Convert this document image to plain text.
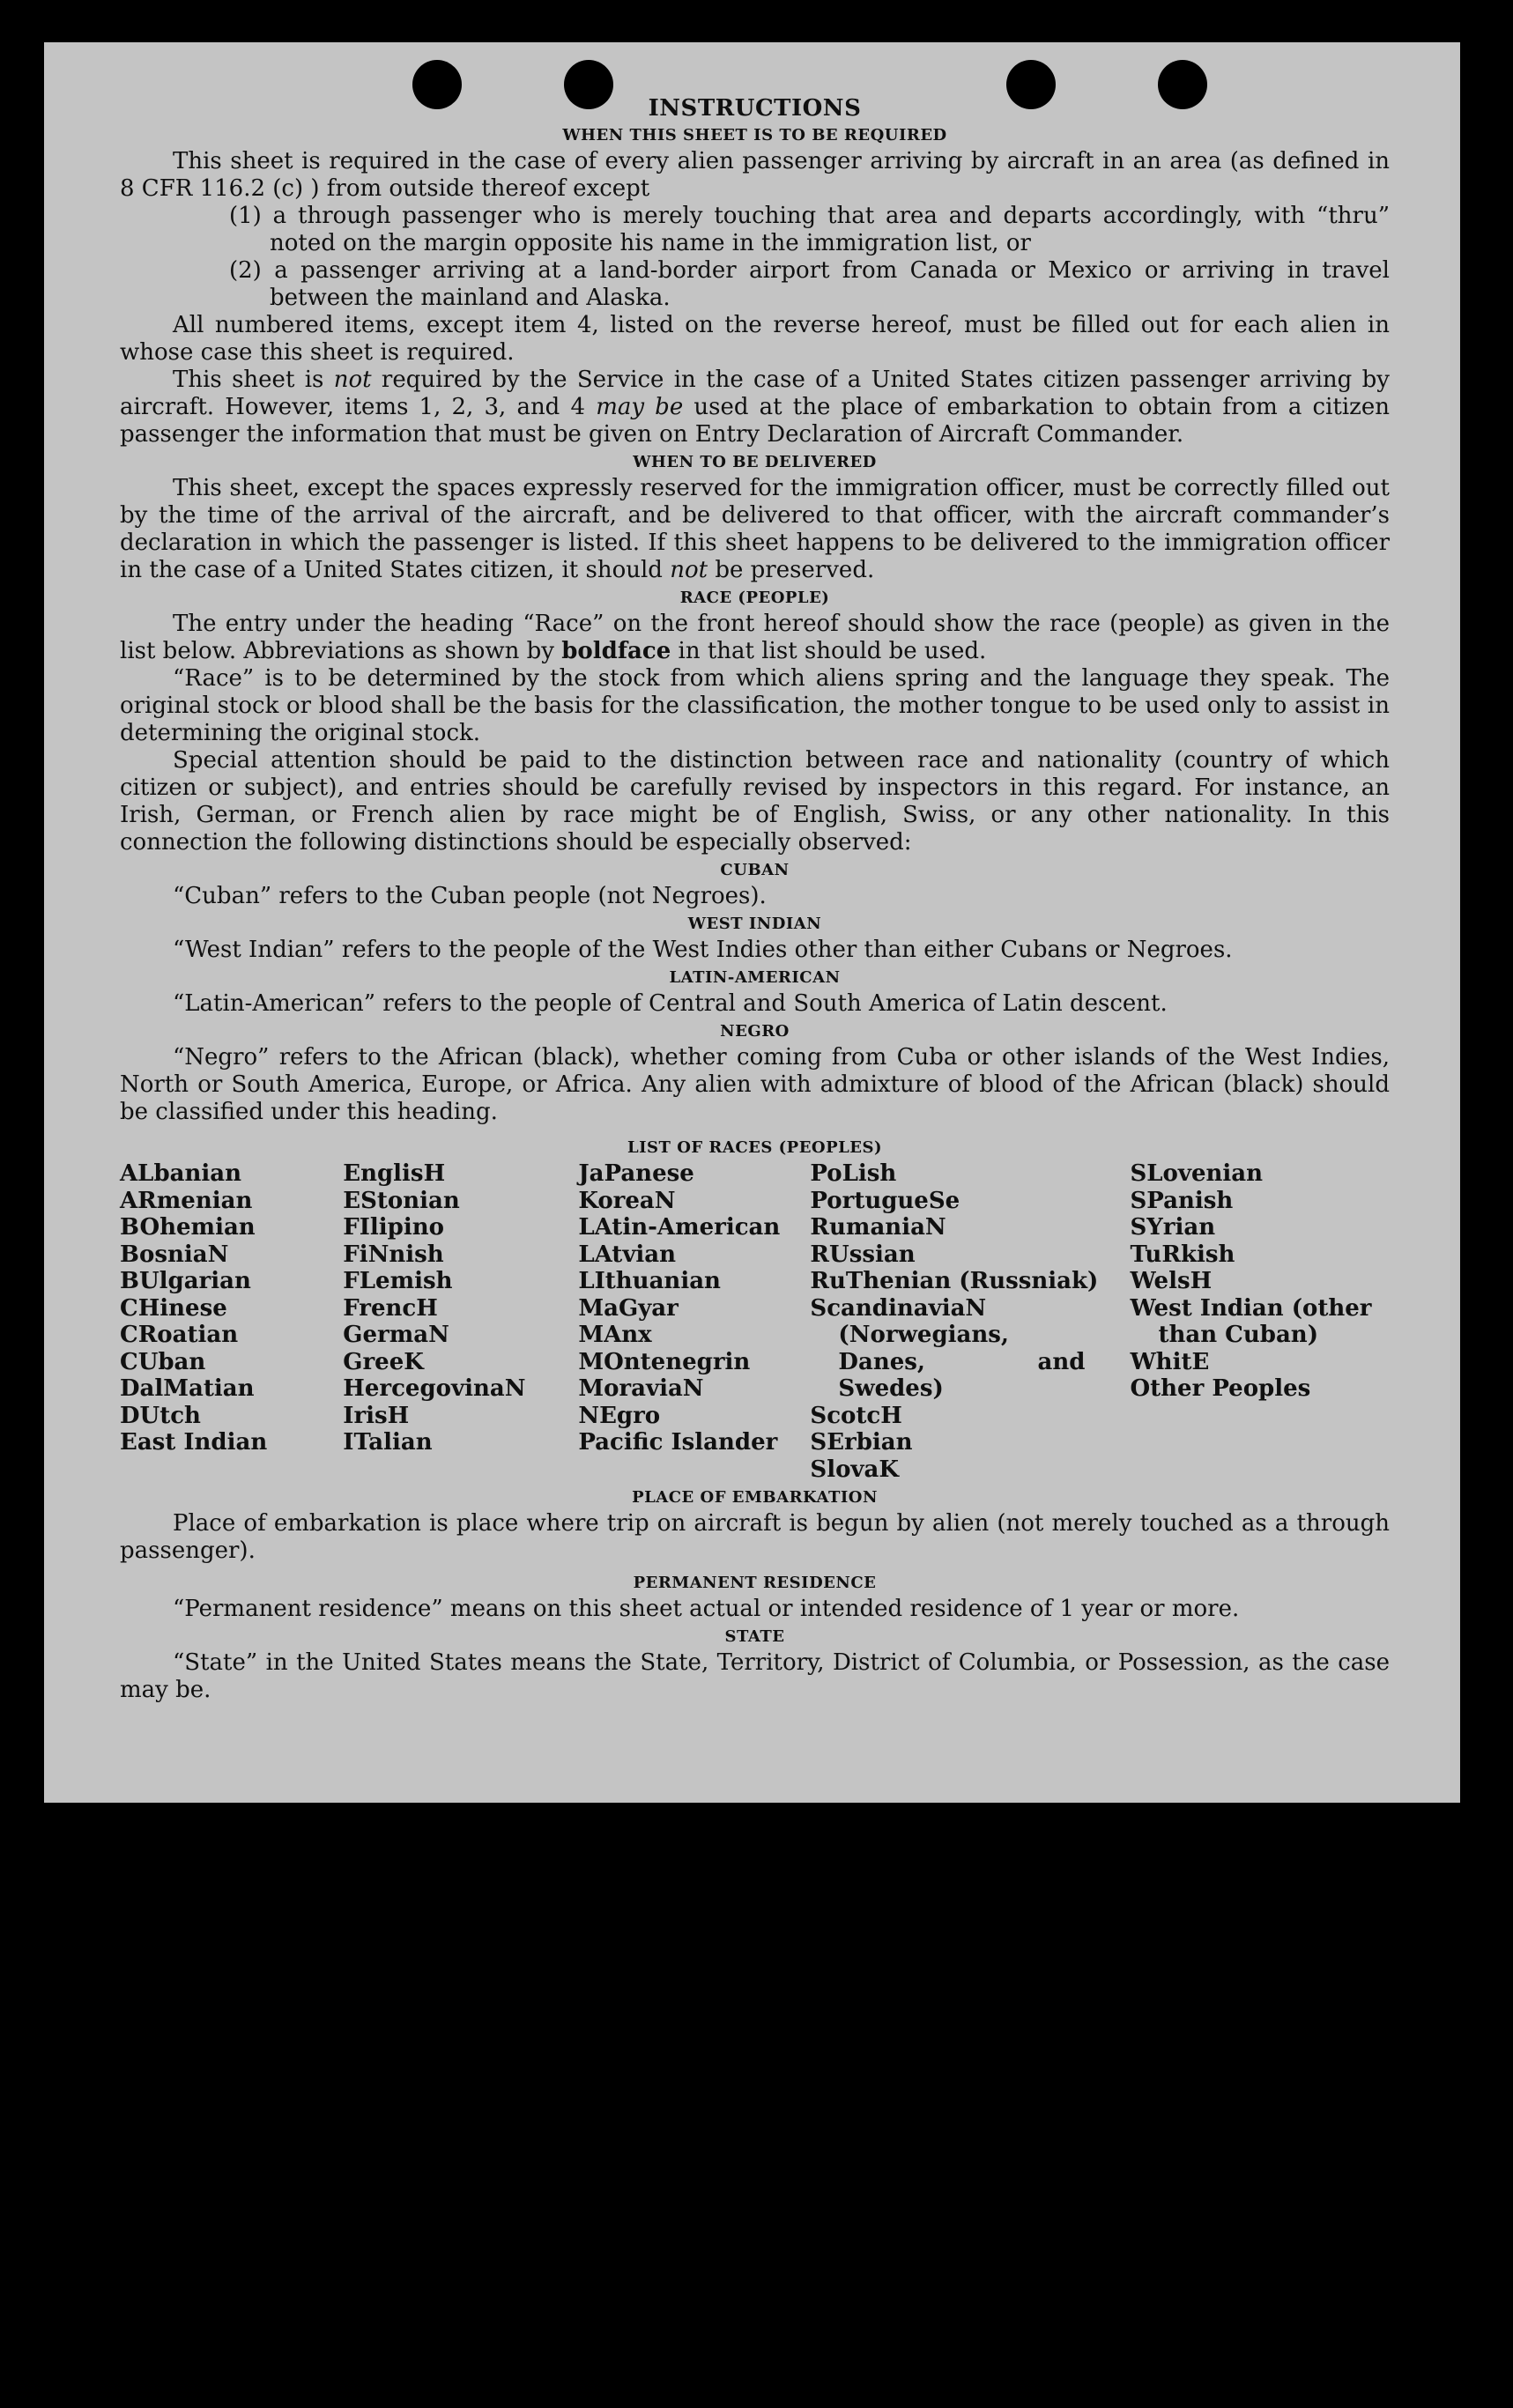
INSTRUCTIONS
WHEN THIS SHEET IS TO BE REQUIRED

This sheet is required in the case of every alien passenger arriving by aircraft in an area (as defined in 8 CFR 116.2 (c) ) from outside thereof except

(1) a through passenger who is merely touching that area and departs accordingly, with “thru” noted on the margin opposite his name in the immigration list, or
(2) a passenger arriving at a land-border airport from Canada or Mexico or arriving in travel between the mainland and Alaska.

All numbered items, except item 4, listed on the reverse hereof, must be filled out for each alien in whose case this sheet is required.

This sheet is not required by the Service in the case of a United States citizen passenger arriving by aircraft. However, items 1, 2, 3, and 4 may be used at the place of embarkation to obtain from a citizen passenger the information that must be given on Entry Declaration of Aircraft Commander.

WHEN TO BE DELIVERED

This sheet, except the spaces expressly reserved for the immigration officer, must be correctly filled out by the time of the arrival of the aircraft, and be delivered to that officer, with the aircraft commander’s declaration in which the passenger is listed. If this sheet happens to be delivered to the immigration officer in the case of a United States citizen, it should not be preserved.

RACE (PEOPLE)

The entry under the heading “Race” on the front hereof should show the race (people) as given in the list below. Abbreviations as shown by boldface in that list should be used.

“Race” is to be determined by the stock from which aliens spring and the language they speak. The original stock or blood shall be the basis for the classification, the mother tongue to be used only to assist in determining the original stock.

Special attention should be paid to the distinction between race and nationality (country of which citizen or subject), and entries should be carefully revised by inspectors in this regard. For instance, an Irish, German, or French alien by race might be of English, Swiss, or any other nationality. In this connection the following distinctions should be especially observed:

CUBAN

“Cuban” refers to the Cuban people (not Negroes).

WEST INDIAN

“West Indian” refers to the people of the West Indies other than either Cubans or Negroes.

LATIN-AMERICAN

“Latin-American” refers to the people of Central and South America of Latin descent.

NEGRO

“Negro” refers to the African (black), whether coming from Cuba or other islands of the West Indies, North or South America, Europe, or Africa. Any alien with admixture of blood of the African (black) should be classified under this heading.

LIST OF RACES (PEOPLES)
ALbanian
ARmenian
BOhemian
BosniaN
BUlgarian
CHinese
CRoatian
CUban
DalMatian
DUtch
East Indian
EnglisH
EStonian
FIlipino
FiNnish
FLemish
FrencH
GermaN
GreeK
HercegovinaN
IrisH
ITalian
JaPanese
KoreaN
LAtin-American
LAtvian
LIthuanian
MaGyar
MAnx
MOntenegrin
MoraviaN
NEgro
Pacific Islander
PoLish
PortugueSe
RumaniaN
RUssian
RuThenian (Russniak)
ScandinaviaN (Norwegians, Danes, and Swedes)
ScotcH
SErbian
SlovaK
SLovenian
SPanish
SYrian
TuRkish
WelsH
West Indian (other than Cuban)
WhitE
Other Peoples
PLACE OF EMBARKATION

Place of embarkation is place where trip on aircraft is begun by alien (not merely touched as a through passenger).

PERMANENT RESIDENCE

“Permanent residence” means on this sheet actual or intended residence of 1 year or more.

STATE

“State” in the United States means the State, Territory, District of Columbia, or Possession, as the case may be.
